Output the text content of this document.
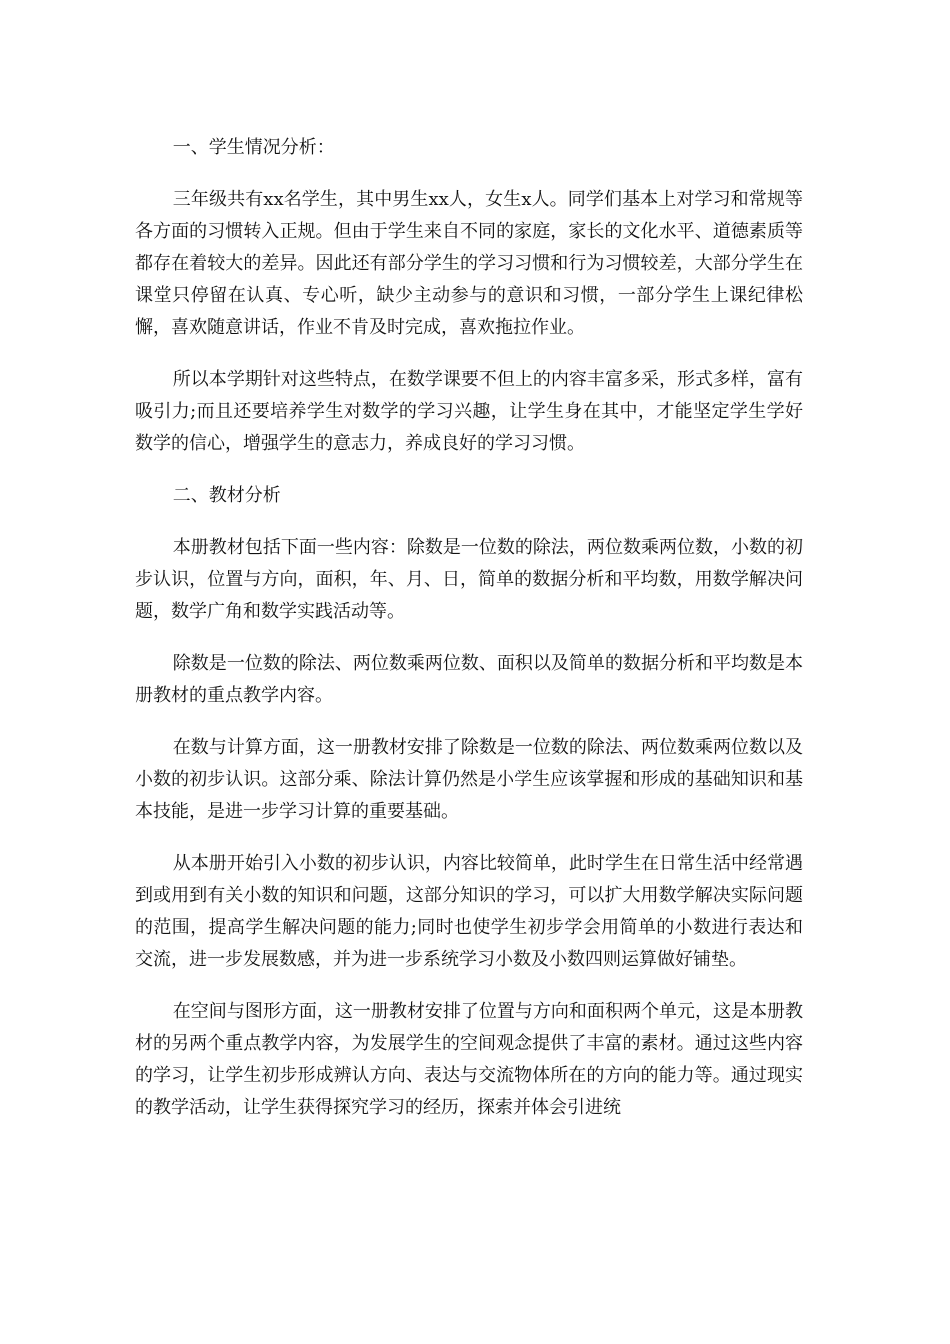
一、学生情况分析：

三年级共有xx名学生，其中男生xx人，女生x人。同学们基本上对学习和常规等各方面的习惯转入正规。但由于学生来自不同的家庭，家长的文化水平、道德素质等都存在着较大的差异。因此还有部分学生的学习习惯和行为习惯较差，大部分学生在课堂只停留在认真、专心听，缺少主动参与的意识和习惯，一部分学生上课纪律松懈，喜欢随意讲话，作业不肯及时完成，喜欢拖拉作业。

所以本学期针对这些特点，在数学课要不但上的内容丰富多采，形式多样，富有吸引力;而且还要培养学生对数学的学习兴趣，让学生身在其中，才能坚定学生学好数学的信心，增强学生的意志力，养成良好的学习习惯。

二、教材分析

本册教材包括下面一些内容：除数是一位数的除法，两位数乘两位数，小数的初步认识，位置与方向，面积，年、月、日，简单的数据分析和平均数，用数学解决问题，数学广角和数学实践活动等。

除数是一位数的除法、两位数乘两位数、面积以及简单的数据分析和平均数是本册教材的重点教学内容。

在数与计算方面，这一册教材安排了除数是一位数的除法、两位数乘两位数以及小数的初步认识。这部分乘、除法计算仍然是小学生应该掌握和形成的基础知识和基本技能，是进一步学习计算的重要基础。

从本册开始引入小数的初步认识，内容比较简单，此时学生在日常生活中经常遇到或用到有关小数的知识和问题，这部分知识的学习，可以扩大用数学解决实际问题的范围，提高学生解决问题的能力;同时也使学生初步学会用简单的小数进行表达和交流，进一步发展数感，并为进一步系统学习小数及小数四则运算做好铺垫。

在空间与图形方面，这一册教材安排了位置与方向和面积两个单元，这是本册教材的另两个重点教学内容，为发展学生的空间观念提供了丰富的素材。通过这些内容的学习，让学生初步形成辨认方向、表达与交流物体所在的方向的能力等。通过现实的教学活动，让学生获得探究学习的经历，探索并体会引进统
